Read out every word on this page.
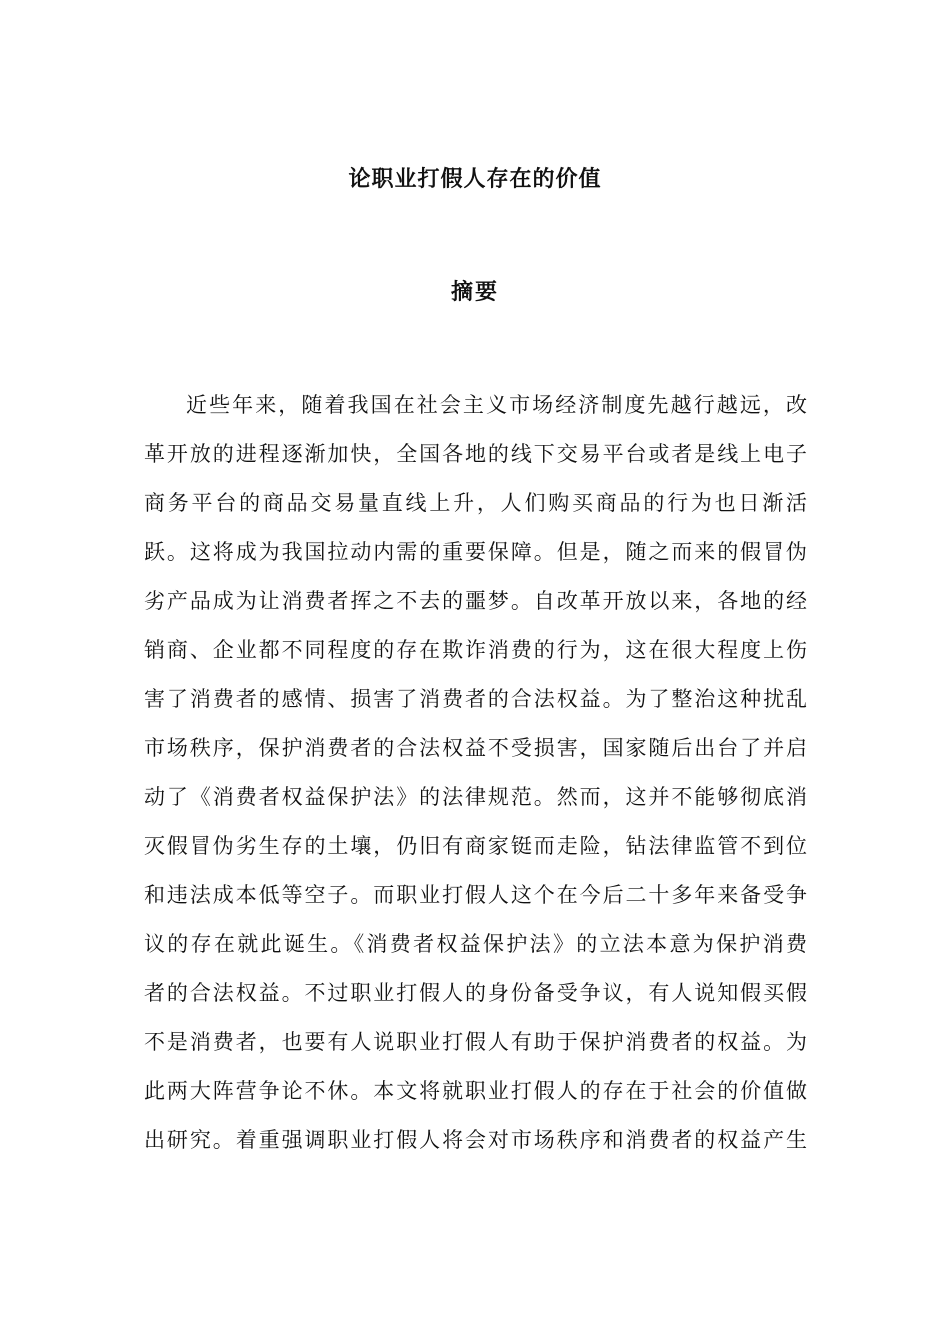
论职业打假人存在的价值
摘要
近些年来，随着我国在社会主义市场经济制度先越行越远，改
革开放的进程逐渐加快，全国各地的线下交易平台或者是线上电子
商务平台的商品交易量直线上升，人们购买商品的行为也日渐活
跃。这将成为我国拉动内需的重要保障。但是，随之而来的假冒伪
劣产品成为让消费者挥之不去的噩梦。自改革开放以来，各地的经
销商、企业都不同程度的存在欺诈消费的行为，这在很大程度上伤
害了消费者的感情、损害了消费者的合法权益。为了整治这种扰乱
市场秩序，保护消费者的合法权益不受损害，国家随后出台了并启
动了《消费者权益保护法》的法律规范。然而，这并不能够彻底消
灭假冒伪劣生存的土壤，仍旧有商家铤而走险，钻法律监管不到位
和违法成本低等空子。而职业打假人这个在今后二十多年来备受争
议的存在就此诞生。《消费者权益保护法》的立法本意为保护消费
者的合法权益。不过职业打假人的身份备受争议，有人说知假买假
不是消费者，也要有人说职业打假人有助于保护消费者的权益。为
此两大阵营争论不休。本文将就职业打假人的存在于社会的价值做
出研究。着重强调职业打假人将会对市场秩序和消费者的权益产生
